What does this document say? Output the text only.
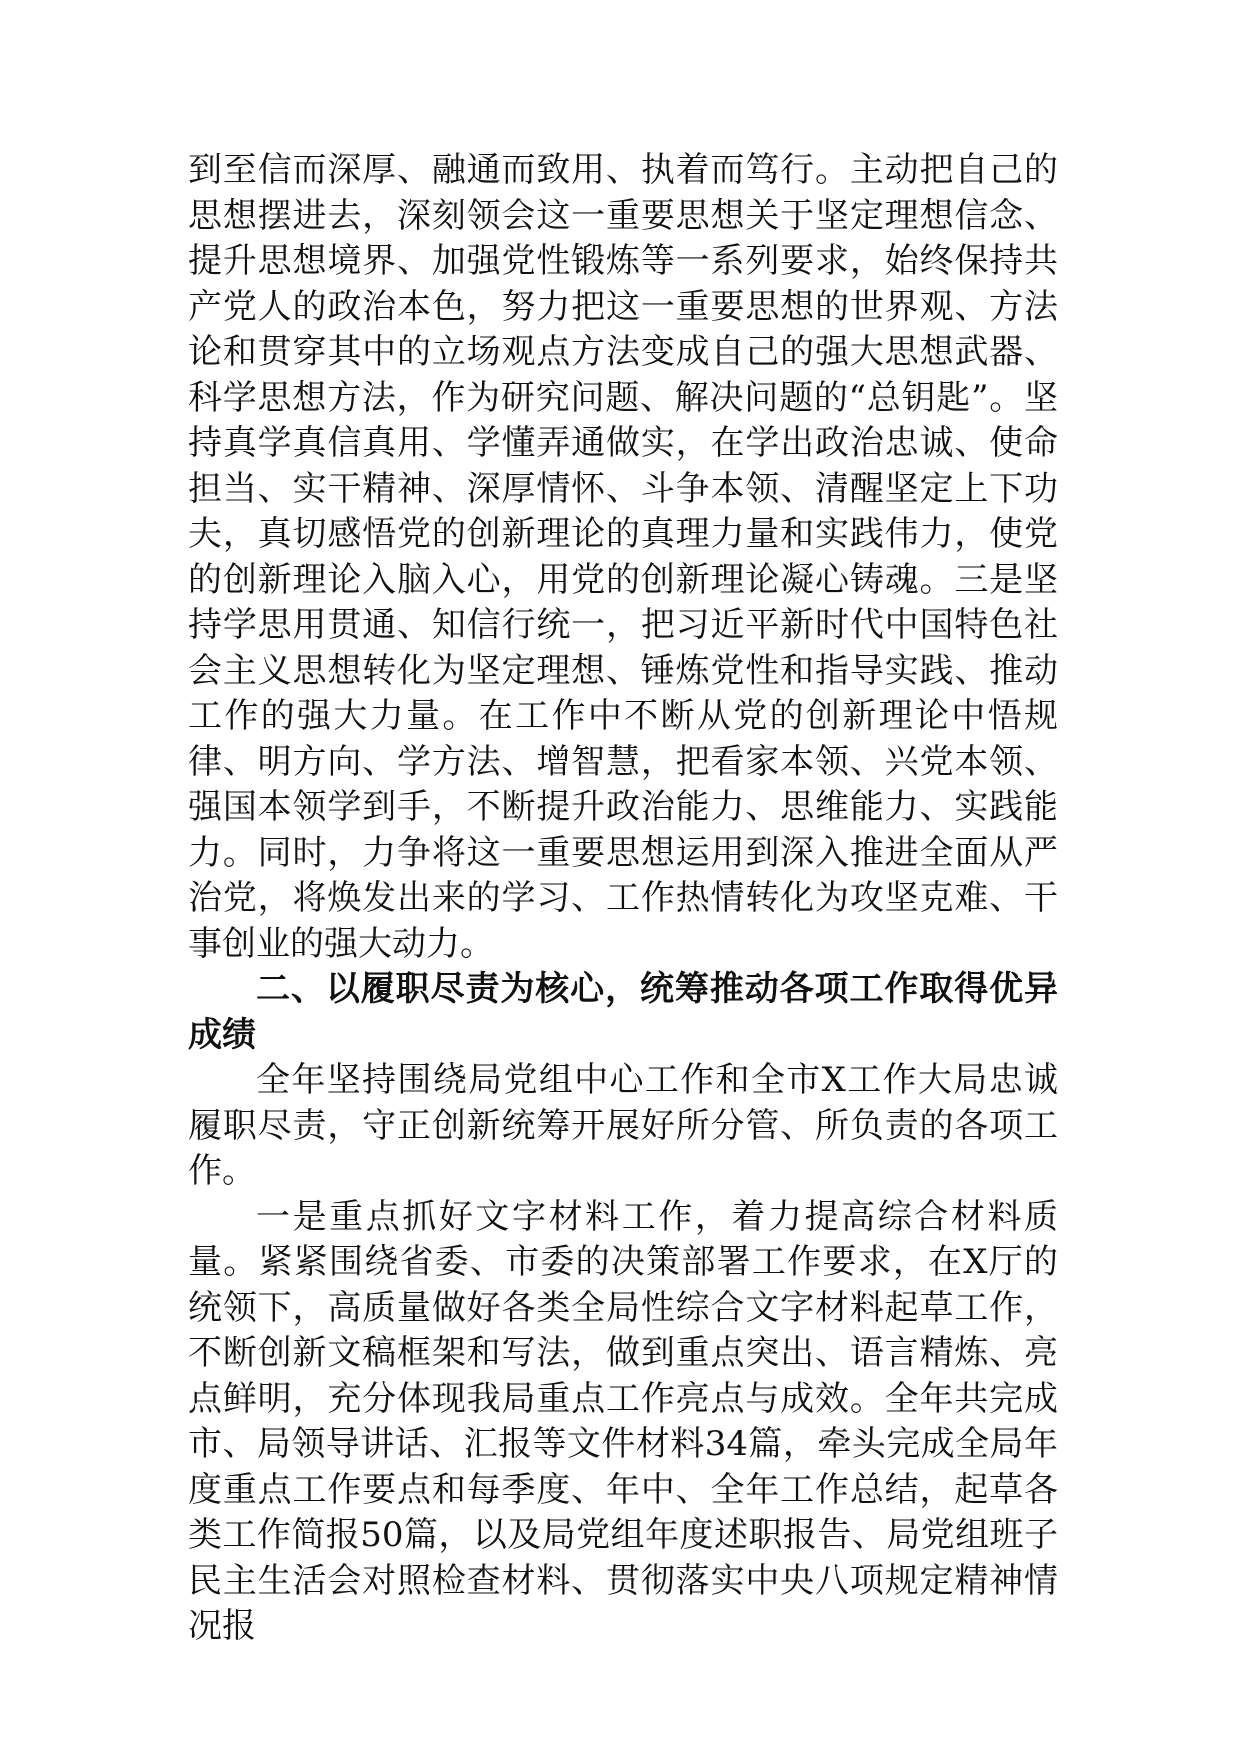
到至信而深厚、融通而致用、执着而笃行。主动把自己的思想摆进去，深刻领会这一重要思想关于坚定理想信念、提升思想境界、加强党性锻炼等一系列要求，始终保持共产党人的政治本色，努力把这一重要思想的世界观、方法论和贯穿其中的立场观点方法变成自己的强大思想武器、科学思想方法，作为研究问题、解决问题的“总钥匙”。坚持真学真信真用、学懂弄通做实，在学出政治忠诚、使命担当、实干精神、深厚情怀、斗争本领、清醒坚定上下功夫，真切感悟党的创新理论的真理力量和实践伟力，使党的创新理论入脑入心，用党的创新理论凝心铸魂。三是坚持学思用贯通、知信行统一，把习近平新时代中国特色社会主义思想转化为坚定理想、锤炼党性和指导实践、推动工作的强大力量。在工作中不断从党的创新理论中悟规律、明方向、学方法、增智慧，把看家本领、兴党本领、强国本领学到手，不断提升政治能力、思维能力、实践能力。同时，力争将这一重要思想运用到深入推进全面从严治党，将焕发出来的学习、工作热情转化为攻坚克难、干事创业的强大动力。

二、以履职尽责为核心，统筹推动各项工作取得优异成绩

全年坚持围绕局党组中心工作和全市X工作大局忠诚履职尽责，守正创新统筹开展好所分管、所负责的各项工作。

一是重点抓好文字材料工作，着力提高综合材料质量。紧紧围绕省委、市委的决策部署工作要求，在X厅的统领下，高质量做好各类全局性综合文字材料起草工作，不断创新文稿框架和写法，做到重点突出、语言精炼、亮点鲜明，充分体现我局重点工作亮点与成效。全年共完成市、局领导讲话、汇报等文件材料34篇，牵头完成全局年度重点工作要点和每季度、年中、全年工作总结，起草各类工作简报50篇，以及局党组年度述职报告、局党组班子民主生活会对照检查材料、贯彻落实中央八项规定精神情况报
